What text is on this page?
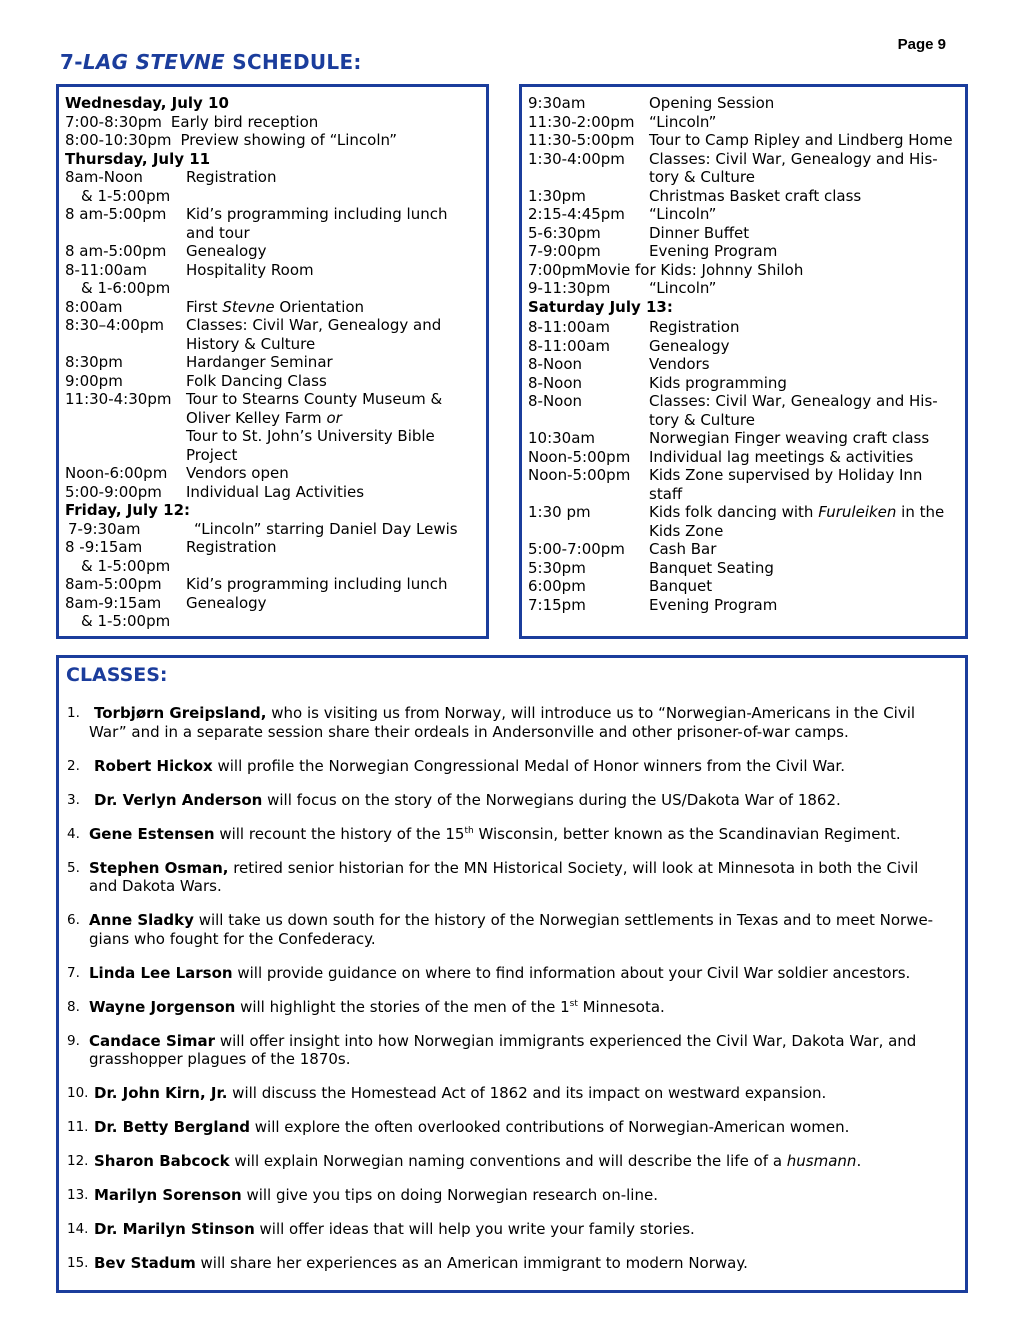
Page 9
7-LAG STEVNE SCHEDULE:
Wednesday, July 10
7:00-8:30pm Early bird reception
8:00-10:30pm Preview showing of “Lincoln”
Thursday, July 11
8am-Noon	Registration
& 1-5:00pm
8 am-5:00pm	Kid’s programming including lunch
and tour
8 am-5:00pm	Genealogy
8-11:00am	Hospitality Room
& 1-6:00pm
8:00am	First Stevne Orientation
8:30–4:00pm	Classes: Civil War, Genealogy and
History & Culture
8:30pm	Hardanger Seminar
9:00pm	Folk Dancing Class
11:30-4:30pm Tour to Stearns County Museum &
Oliver Kelley Farm or
Tour to St. John’s University Bible
Project
Noon-6:00pm	Vendors open
5:00-9:00pm	Individual Lag Activities
Friday, July 12:
7-9:30am	“Lincoln” starring Daniel Day Lewis
8 -9:15am	Registration
& 1-5:00pm
8am-5:00pm	Kid’s programming including lunch
8am-9:15am	Genealogy
& 1-5:00pm
9:30am	Opening Session
11:30-2:00pm “Lincoln”
11:30-5:00pm Tour to Camp Ripley and Lindberg Home
1:30-4:00pm	Classes: Civil War, Genealogy and His-
tory & Culture
1:30pm	Christmas Basket craft class
2:15-4:45pm	“Lincoln”
5-6:30pm	Dinner Buffet
7-9:00pm	Evening Program
7:00pm Movie for Kids: Johnny Shiloh
9-11:30pm	“Lincoln”
Saturday July 13:
8-11:00am	Registration
8-11:00am	Genealogy
8-Noon	Vendors
8-Noon	Kids programming
8-Noon	Classes: Civil War, Genealogy and His-
tory & Culture
10:30am	Norwegian Finger weaving craft class
Noon-5:00pm	Individual lag meetings & activities
Noon-5:00pm	Kids Zone supervised by Holiday Inn
staff
1:30 pm	Kids folk dancing with Furuleiken in the
Kids Zone
5:00-7:00pm	Cash Bar
5:30pm	Banquet Seating
6:00pm	Banquet
7:15pm	Evening Program
CLASSES:
1. Torbjørn Greipsland, who is visiting us from Norway, will introduce us to “Norwegian-Americans in the Civil War” and in a separate session share their ordeals in Andersonville and other prisoner-of-war camps.
2. Robert Hickox will profile the Norwegian Congressional Medal of Honor winners from the Civil War.
3. Dr. Verlyn Anderson will focus on the story of the Norwegians during the US/Dakota War of 1862.
4. Gene Estensen will recount the history of the 15th Wisconsin, better known as the Scandinavian Regiment.
5. Stephen Osman, retired senior historian for the MN Historical Society, will look at Minnesota in both the Civil and Dakota Wars.
6. Anne Sladky will take us down south for the history of the Norwegian settlements in Texas and to meet Norwe-gians who fought for the Confederacy.
7. Linda Lee Larson will provide guidance on where to find information about your Civil War soldier ancestors.
8. Wayne Jorgenson will highlight the stories of the men of the 1st Minnesota.
9. Candace Simar will offer insight into how Norwegian immigrants experienced the Civil War, Dakota War, and grasshopper plagues of the 1870s.
10. Dr. John Kirn, Jr. will discuss the Homestead Act of 1862 and its impact on westward expansion.
11. Dr. Betty Bergland will explore the often overlooked contributions of Norwegian-American women.
12. Sharon Babcock will explain Norwegian naming conventions and will describe the life of a husmann.
13. Marilyn Sorenson will give you tips on doing Norwegian research on-line.
14. Dr. Marilyn Stinson will offer ideas that will help you write your family stories.
15. Bev Stadum will share her experiences as an American immigrant to modern Norway.
